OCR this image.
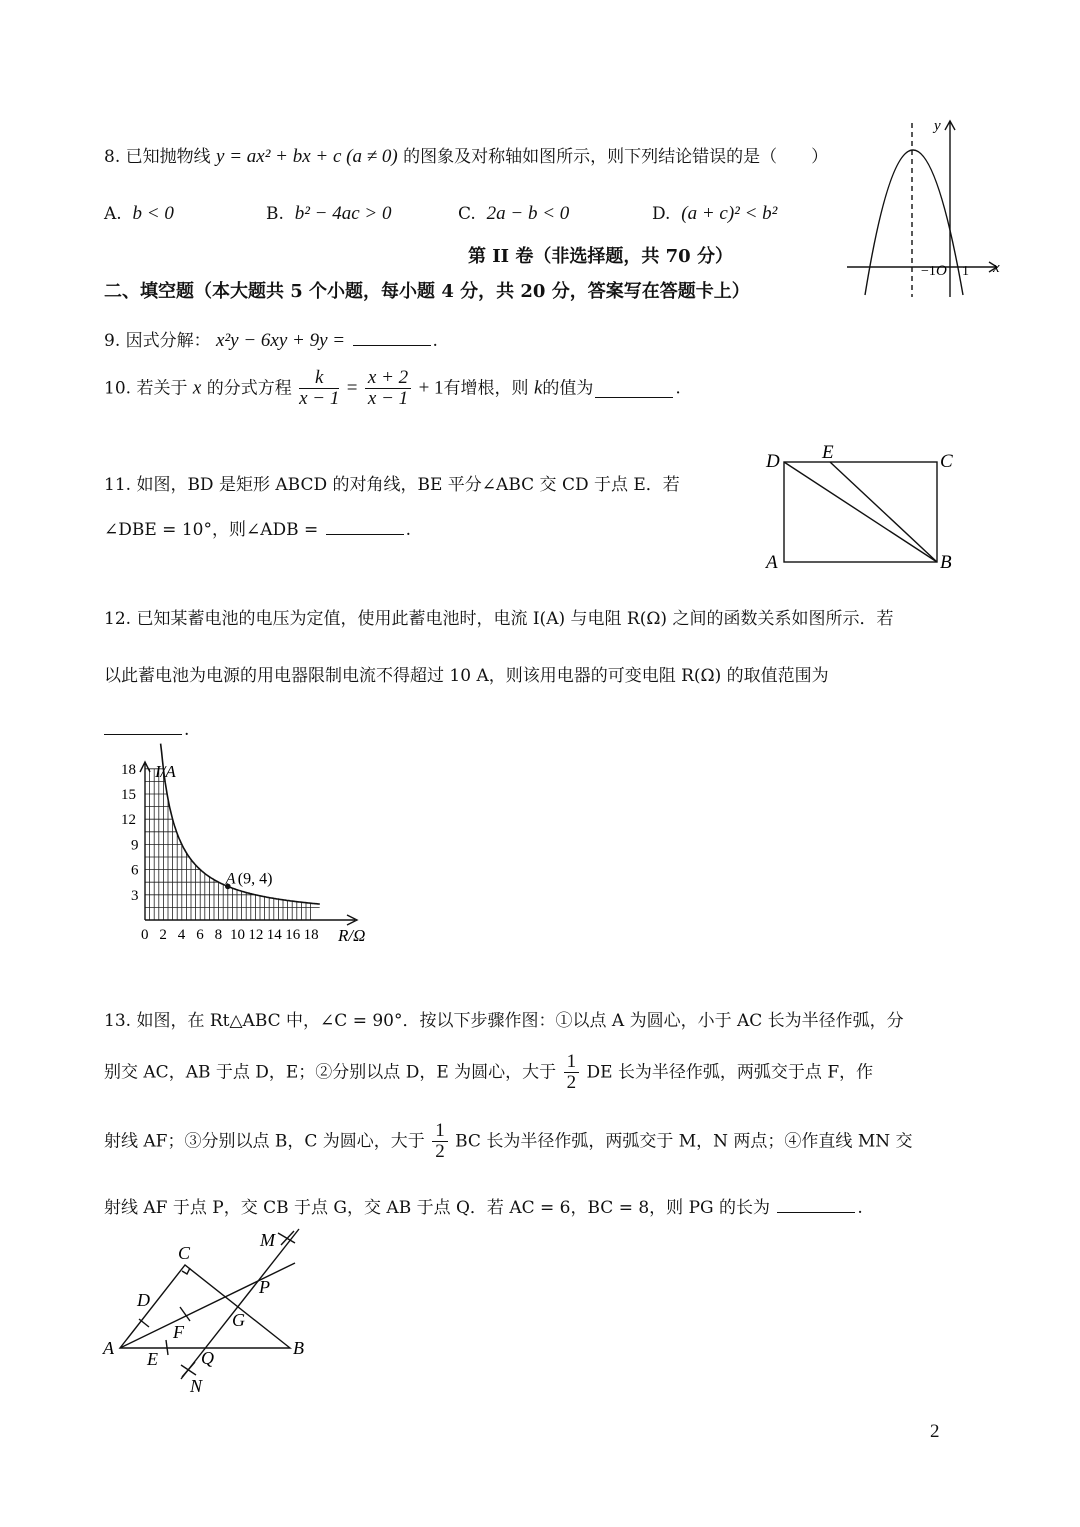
8. 已知抛物线 y = ax² + bx + c (a ≠ 0) 的图象及对称轴如图所示，则下列结论错误的是（　　）
A. b < 0	B. b² − 4ac > 0	C. 2a − b < 0	D. (a + c)² < b²
y
x
−1 O 1
第 II 卷（非选择题，共 70 分）
二、填空题（本大题共 5 个小题，每小题 4 分，共 20 分，答案写在答题卡上）
9. 因式分解： x²y − 6xy + 9y =	.
10. 若关于 x 的分式方程 $\frac{k}{x - 1} = \frac{x + 2}{x - 1} + 1$有增根，则 k的值为	.
11. 如图，BD 是矩形 ABCD 的对角线，BE 平分∠ABC 交 CD 于点 E．若
∠DBE = 10°，则∠ADB =	.
D E	C
A	B
12. 已知某蓄电池的电压为定值，使用此蓄电池时，电流 I(A) 与电阻 R(Ω) 之间的函数关系如图所示．若
以此蓄电池为电源的用电器限制电流不得超过 10 A，则该用电器的可变电阻 R(Ω) 的取值范围为
.
0 2 4 6 8 10 12 14 16 18
3
6
9
12
15
18
A (9, 4)
I/A
R/Ω
13. 如图，在 Rt△ABC 中，∠C = 90°．按以下步骤作图：①以点 A 为圆心，小于 AC 长为半径作弧，分
别交 AC，AB 于点 D，E；②分别以点 D，E 为圆心，大于 $\frac{1}{2}$ DE 长为半径作弧，两弧交于点 F，作
射线 AF；③分别以点 B，C 为圆心，大于 $\frac{1}{2}$ BC 长为半径作弧，两弧交于 M，N 两点；④作直线 MN 交
射线 AF 于点 P，交 CB 于点 G，交 AB 于点 Q．若 AC = 6，BC = 8，则 PG 的长为	.
A	B
C
D
E
F
G
P
Q
M
N
2
